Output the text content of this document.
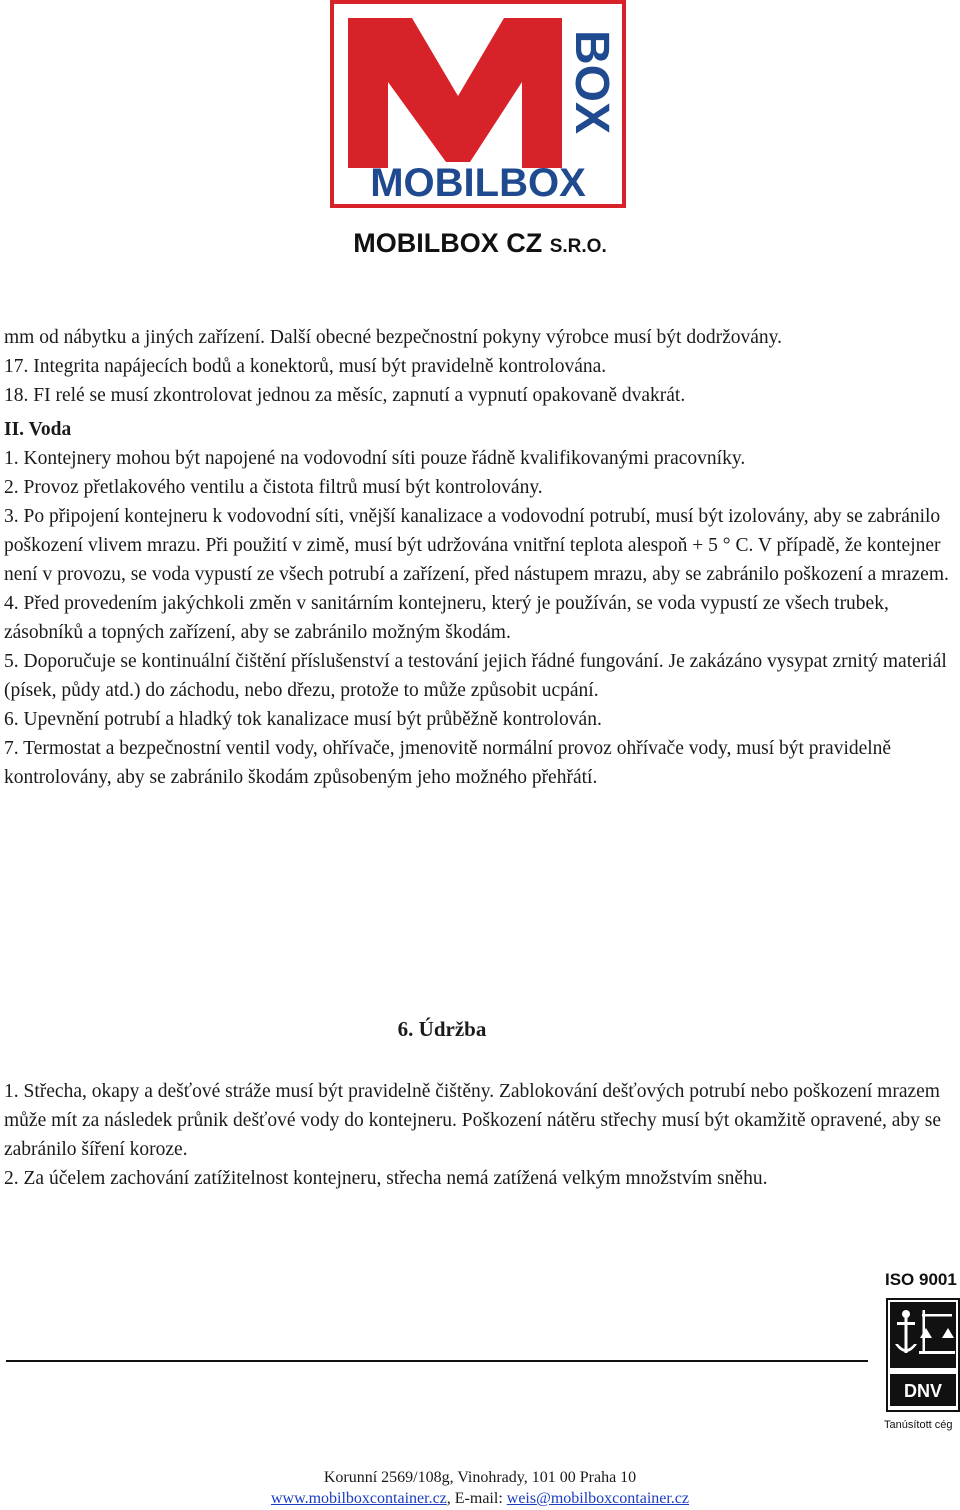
BOX
MOBILBOX
MOBILBOX CZ S.R.O.

mm od nábytku a jiných zařízení. Další obecné bezpečnostní pokyny výrobce musí být dodržovány.

17. Integrita napájecích bodů a konektorů, musí být pravidelně kontrolována.

18. FI relé se musí zkontrolovat jednou za měsíc, zapnutí a vypnutí opakovaně dvakrát.

II. Voda

1. Kontejnery mohou být napojené na vodovodní síti pouze řádně kvalifikovanými pracovníky.

2. Provoz přetlakového ventilu a čistota filtrů musí být kontrolovány.

3. Po připojení kontejneru k vodovodní síti, vnější kanalizace a vodovodní potrubí, musí být izolovány, aby se zabránilo poškození vlivem mrazu. Při použití v zimě, musí být udržována vnitřní teplota alespoň + 5 ° C. V případě, že kontejner není v provozu, se voda vypustí ze všech potrubí a zařízení, před nástupem mrazu, aby se zabránilo poškození a mrazem.

4. Před provedením jakýchkoli změn v sanitárním kontejneru, který je používán, se voda vypustí ze všech trubek, zásobníků a topných zařízení, aby se zabránilo možným škodám.

5. Doporučuje se kontinuální čištění příslušenství a testování jejich řádné fungování. Je zakázáno vysypat zrnitý materiál (písek, půdy atd.) do záchodu, nebo dřezu, protože to může způsobit ucpání.

6. Upevnění potrubí a hladký tok kanalizace musí být průběžně kontrolován.

7. Termostat a bezpečnostní ventil vody, ohřívače, jmenovitě normální provoz ohřívače vody, musí být pravidelně kontrolovány, aby se zabránilo škodám způsobeným jeho možného přehřátí.

6. Údržba

1. Střecha, okapy a dešťové stráže musí být pravidelně čištěny. Zablokování dešťových potrubí nebo poškození mrazem může mít za následek průnik dešťové vody do kontejneru. Poškození nátěru střechy musí být okamžitě opravené, aby se zabránilo šíření koroze.

2. Za účelem zachování zatížitelnost kontejneru, střecha nemá zatížená velkým množstvím sněhu.

ISO 9001
DNV
Tanúsított cég
Korunní 2569/108g, Vinohrady, 101 00 Praha 10
www.mobilboxcontainer.cz, E-mail: weis@mobilboxcontainer.cz
